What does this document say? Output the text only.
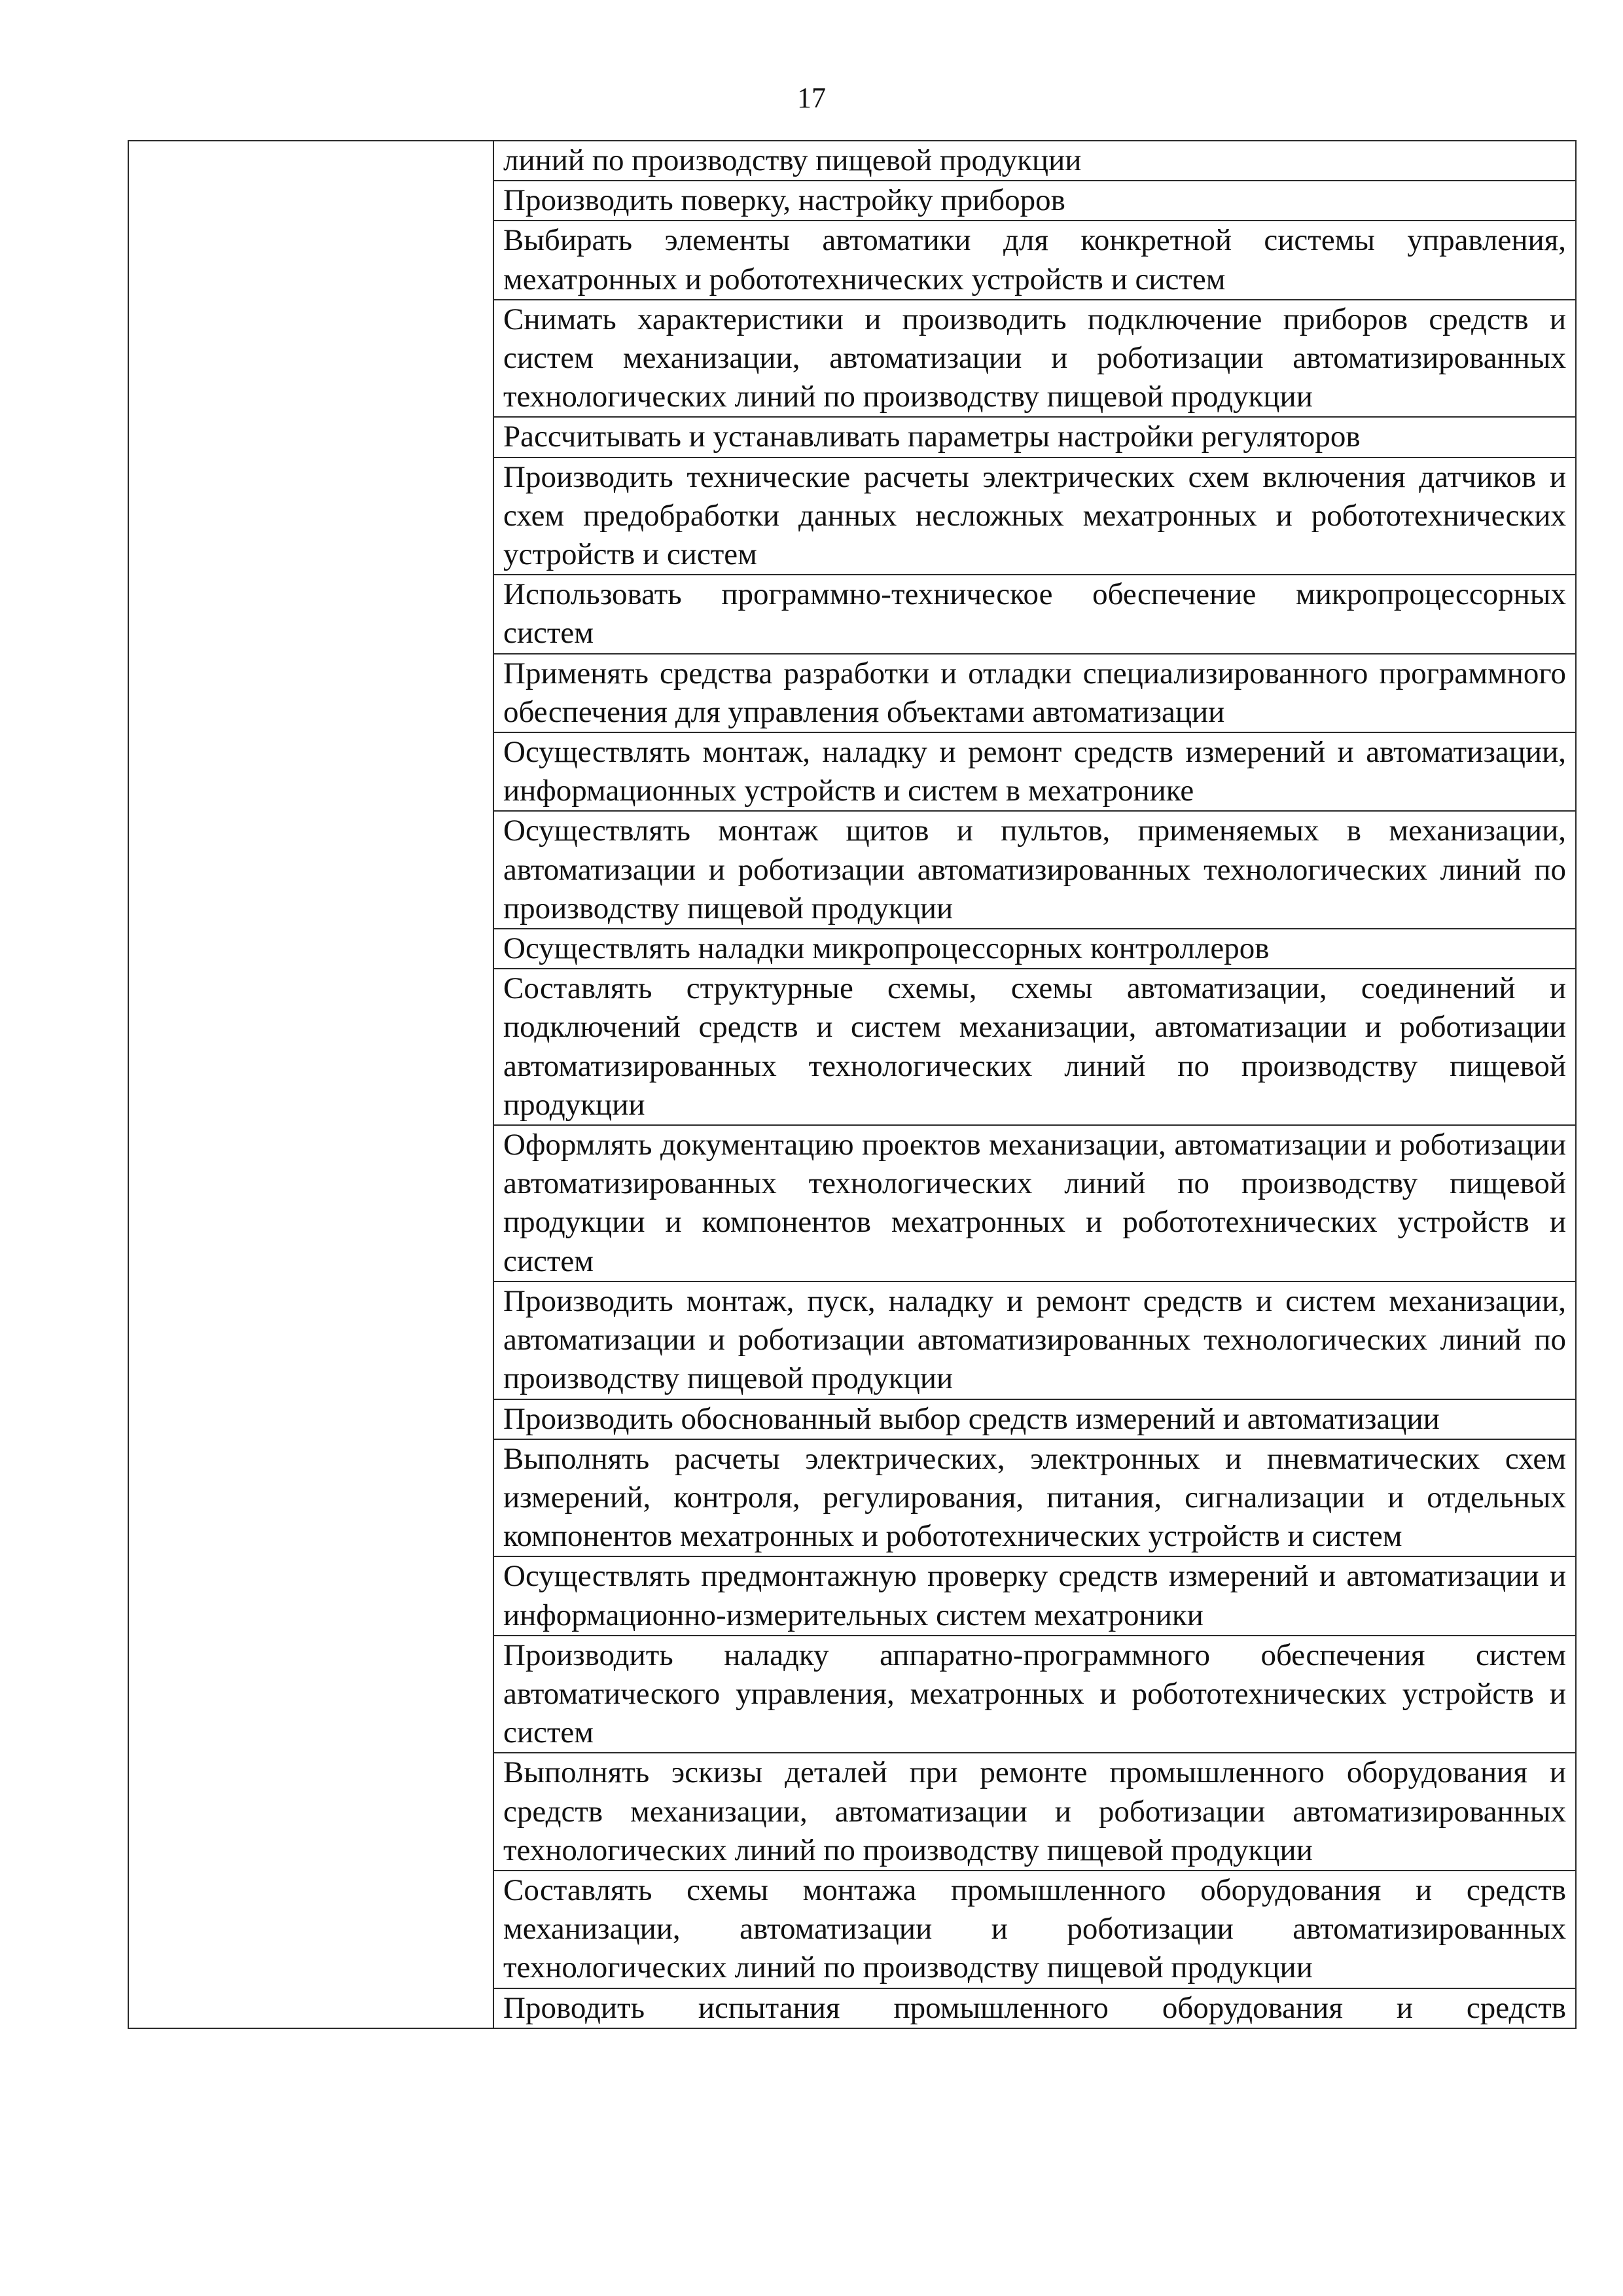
17

линий по производству пищевой продукции

Производить поверку, настройку приборов

Выбирать элементы автоматики для конкретной системы управления, мехатронных и робототехнических устройств и систем

Снимать характеристики и производить подключение приборов средств и систем механизации, автоматизации и роботизации автоматизированных технологических линий по производству пищевой продукции

Рассчитывать и устанавливать параметры настройки регуляторов

Производить технические расчеты электрических схем включения датчиков и схем предобработки данных несложных мехатронных и робототехнических устройств и систем

Использовать программно-техническое обеспечение микропроцессорных систем

Применять средства разработки и отладки специализированного программного обеспечения для управления объектами автоматизации

Осуществлять монтаж, наладку и ремонт средств измерений и автоматизации, информационных устройств и систем в мехатронике

Осуществлять монтаж щитов и пультов, применяемых в механизации, автоматизации и роботизации автоматизированных технологических линий по производству пищевой продукции

Осуществлять наладки микропроцессорных контроллеров

Составлять структурные схемы, схемы автоматизации, соединений и подключений средств и систем механизации, автоматизации и роботизации автоматизированных технологических линий по производству пищевой продукции

Оформлять документацию проектов механизации, автоматизации и роботизации автоматизированных технологических линий по производству пищевой продукции и компонентов мехатронных и робототехнических устройств и систем

Производить монтаж, пуск, наладку и ремонт средств и систем механизации, автоматизации и роботизации автоматизированных технологических линий по производству пищевой продукции

Производить обоснованный выбор средств измерений и автоматизации

Выполнять расчеты электрических, электронных и пневматических схем измерений, контроля, регулирования, питания, сигнализации и отдельных компонентов мехатронных и робототехнических устройств и систем

Осуществлять предмонтажную проверку средств измерений и автоматизации и информационно-измерительных систем мехатроники

Производить наладку аппаратно-программного обеспечения систем автоматического управления, мехатронных и робототехнических устройств и систем

Выполнять эскизы деталей при ремонте промышленного оборудования и средств механизации, автоматизации и роботизации автоматизированных технологических линий по производству пищевой продукции

Составлять схемы монтажа промышленного оборудования и средств механизации, автоматизации и роботизации автоматизированных технологических линий по производству пищевой продукции

Проводить испытания промышленного оборудования и средств
